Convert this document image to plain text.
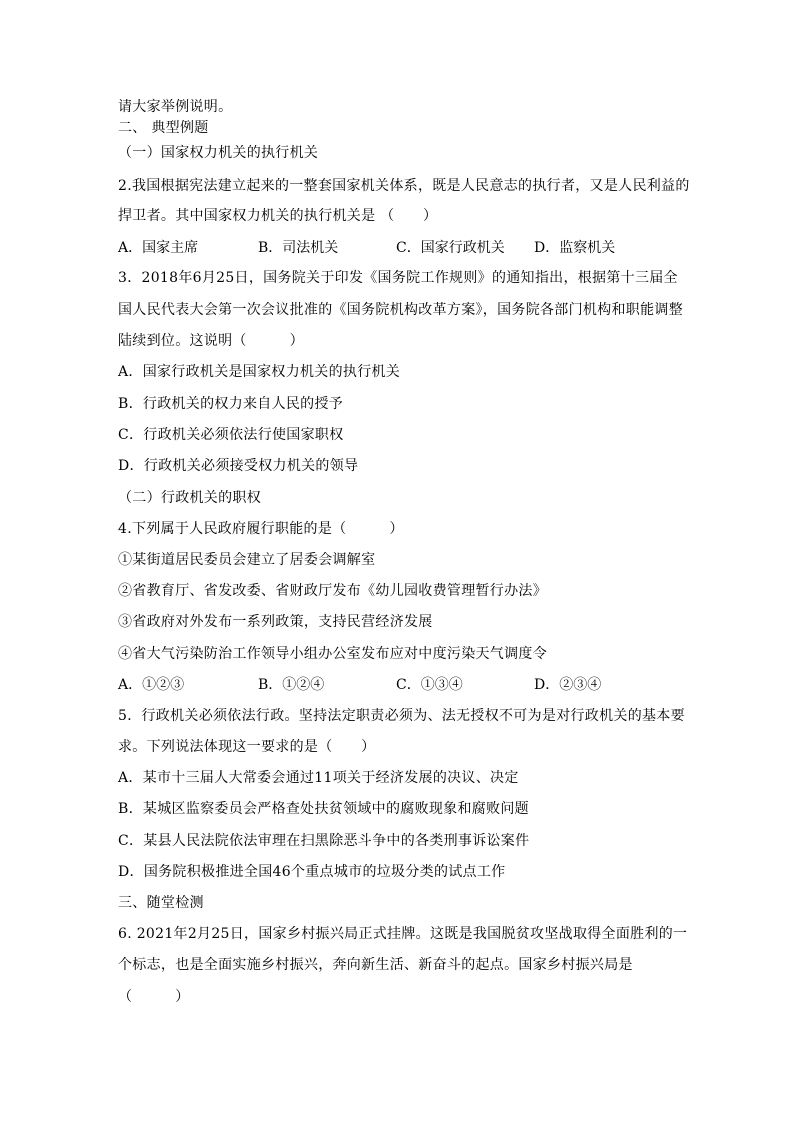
请大家举例说明。
二、 典型例题
（一）国家权力机关的执行机关
2.我国根据宪法建立起来的一整套国家机关体系，既是人民意志的执行者，又是人民利益的
捍卫者。其中国家权力机关的执行机关是 （　　）
A．国家主席	B．司法机关	C．国家行政机关 D．监察机关
3．2018年6月25日，国务院关于印发《国务院工作规则》的通知指出，根据第十三届全
国人民代表大会第一次会议批准的《国务院机构改革方案》，国务院各部门机构和职能调整
陆续到位。这说明（　　　）
A．国家行政机关是国家权力机关的执行机关
B．行政机关的权力来自人民的授予
C．行政机关必须依法行使国家职权
D．行政机关必须接受权力机关的领导
（二）行政机关的职权
4.下列属于人民政府履行职能的是（　　　）
①某街道居民委员会建立了居委会调解室
②省教育厅、省发改委、省财政厅发布《幼儿园收费管理暂行办法》
③省政府对外发布一系列政策，支持民营经济发展
④省大气污染防治工作领导小组办公室发布应对中度污染天气调度令
A．①②③	B．①②④	C．①③④	D．②③④
5．行政机关必须依法行政。坚持法定职责必须为、法无授权不可为是对行政机关的基本要
求。下列说法体现这一要求的是（　　）
A．某市十三届人大常委会通过11项关于经济发展的决议、决定
B．某城区监察委员会严格查处扶贫领域中的腐败现象和腐败问题
C．某县人民法院依法审理在扫黑除恶斗争中的各类刑事诉讼案件
D．国务院积极推进全国46个重点城市的垃圾分类的试点工作
三、随堂检测
6. 2021年2月25日，国家乡村振兴局正式挂牌。这既是我国脱贫攻坚战取得全面胜利的一
个标志，也是全面实施乡村振兴，奔向新生活、新奋斗的起点。国家乡村振兴局是
（　　　）
